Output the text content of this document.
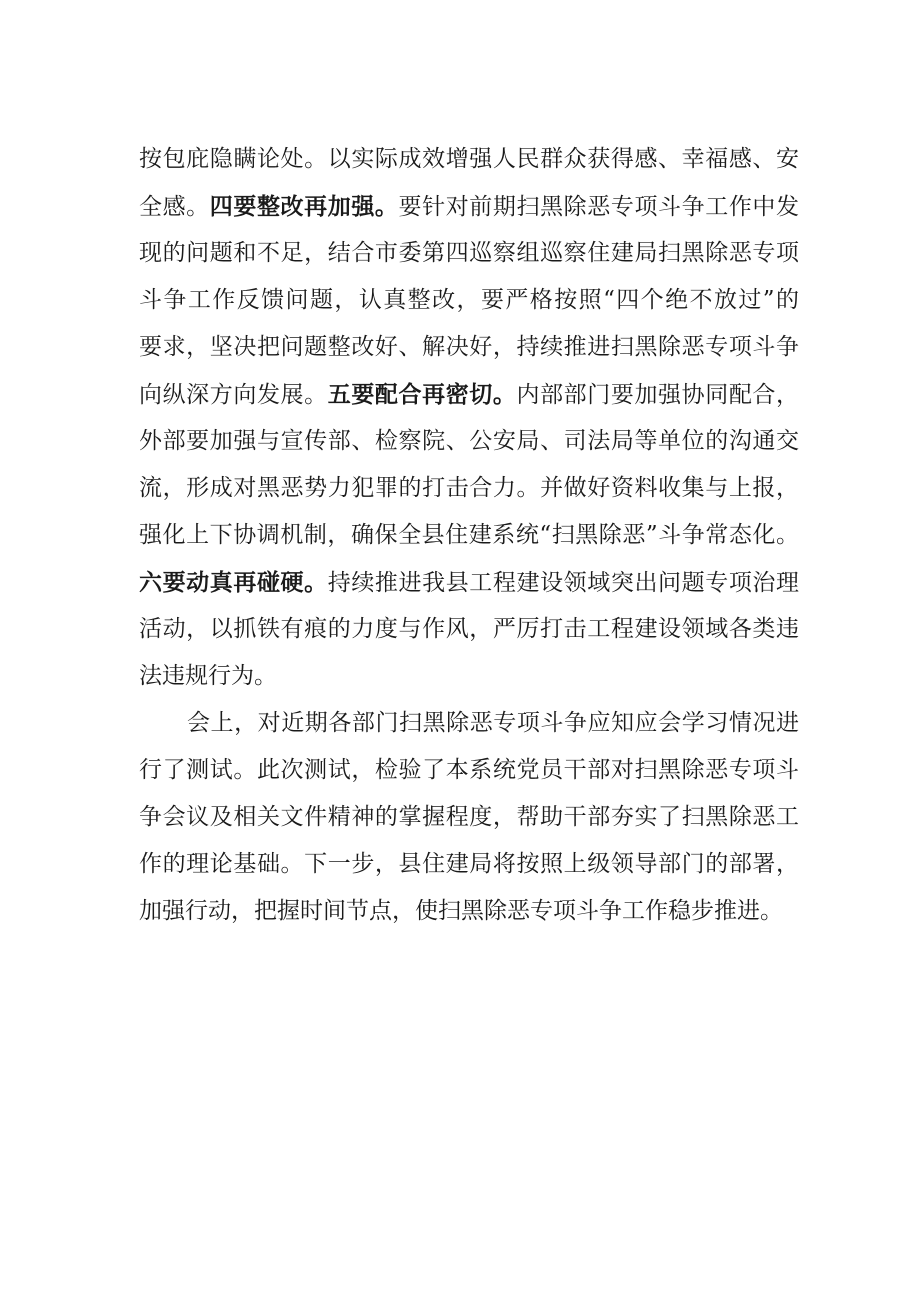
按包庇隐瞒论处。以实际成效增强人民群众获得感、幸福感、安
全感。四要整改再加强。要针对前期扫黑除恶专项斗争工作中发
现的问题和不足，结合市委第四巡察组巡察住建局扫黑除恶专项
斗争工作反馈问题，认真整改，要严格按照“四个绝不放过”的
要求，坚决把问题整改好、解决好，持续推进扫黑除恶专项斗争
向纵深方向发展。五要配合再密切。内部部门要加强协同配合，
外部要加强与宣传部、检察院、公安局、司法局等单位的沟通交
流，形成对黑恶势力犯罪的打击合力。并做好资料收集与上报，
强化上下协调机制，确保全县住建系统“扫黑除恶”斗争常态化。
六要动真再碰硬。持续推进我县工程建设领域突出问题专项治理
活动，以抓铁有痕的力度与作风，严厉打击工程建设领域各类违
法违规行为。
会上，对近期各部门扫黑除恶专项斗争应知应会学习情况进
行了测试。此次测试，检验了本系统党员干部对扫黑除恶专项斗
争会议及相关文件精神的掌握程度，帮助干部夯实了扫黑除恶工
作的理论基础。下一步，县住建局将按照上级领导部门的部署，
加强行动，把握时间节点，使扫黑除恶专项斗争工作稳步推进。
